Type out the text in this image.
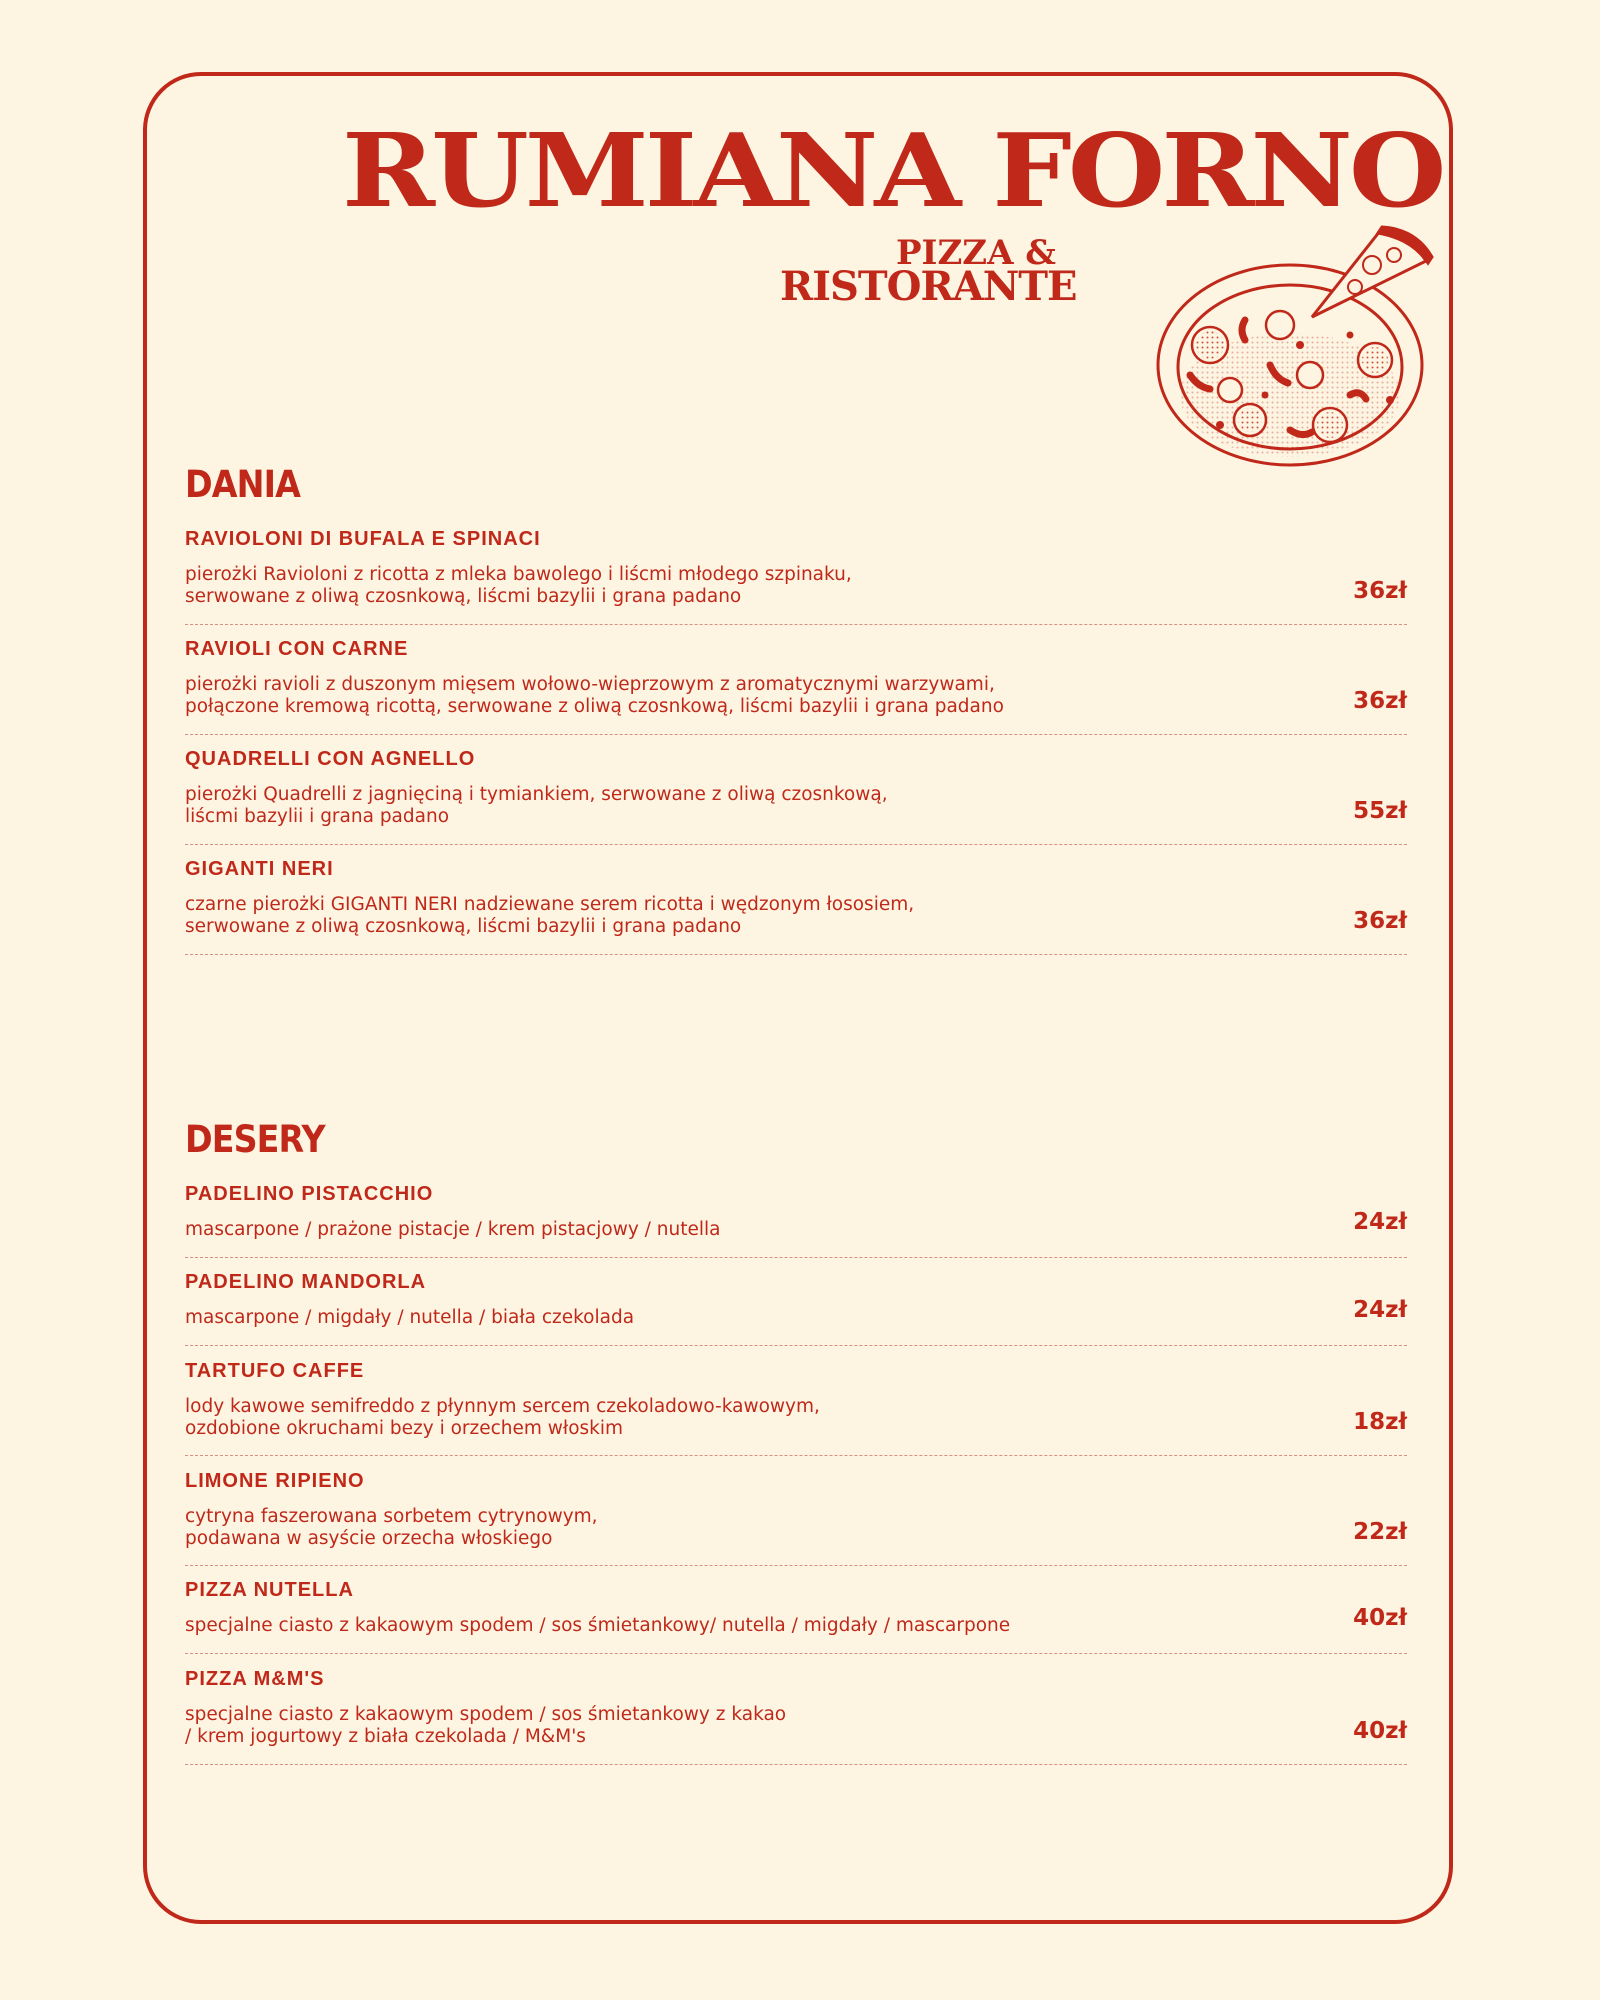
RUMIANA FORNO
PIZZA &
RISTORANTE
DANIA
RAVIOLONI DI BUFALA E SPINACI
pierożki Ravioloni z ricotta z mleka bawolego i liścmi młodego szpinaku,
serwowane z oliwą czosnkową, liścmi bazylii i grana padano	36zł
RAVIOLI CON CARNE
pierożki ravioli z duszonym mięsem wołowo-wieprzowym z aromatycznymi warzywami,
połączone kremową ricottą, serwowane z oliwą czosnkową, liścmi bazylii i grana padano	36zł
QUADRELLI CON AGNELLO
pierożki Quadrelli z jagnięciną i tymiankiem, serwowane z oliwą czosnkową,
liścmi bazylii i grana padano	55zł
GIGANTI NERI
czarne pierożki GIGANTI NERI nadziewane serem ricotta i wędzonym łososiem,
serwowane z oliwą czosnkową, liścmi bazylii i grana padano	36zł
DESERY
PADELINO PISTACCHIO
mascarpone / prażone pistacje / krem pistacjowy / nutella	24zł
PADELINO MANDORLA
mascarpone / migdały / nutella / biała czekolada	24zł
TARTUFO CAFFE
lody kawowe semifreddo z płynnym sercem czekoladowo-kawowym,
ozdobione okruchami bezy i orzechem włoskim	18zł
LIMONE RIPIENO
cytryna faszerowana sorbetem cytrynowym,
podawana w asyście orzecha włoskiego	22zł
PIZZA NUTELLA
specjalne ciasto z kakaowym spodem / sos śmietankowy/ nutella / migdały / mascarpone	40zł
PIZZA M&M'S
specjalne ciasto z kakaowym spodem / sos śmietankowy z kakao
/ krem jogurtowy z biała czekolada / M&M's	40zł
